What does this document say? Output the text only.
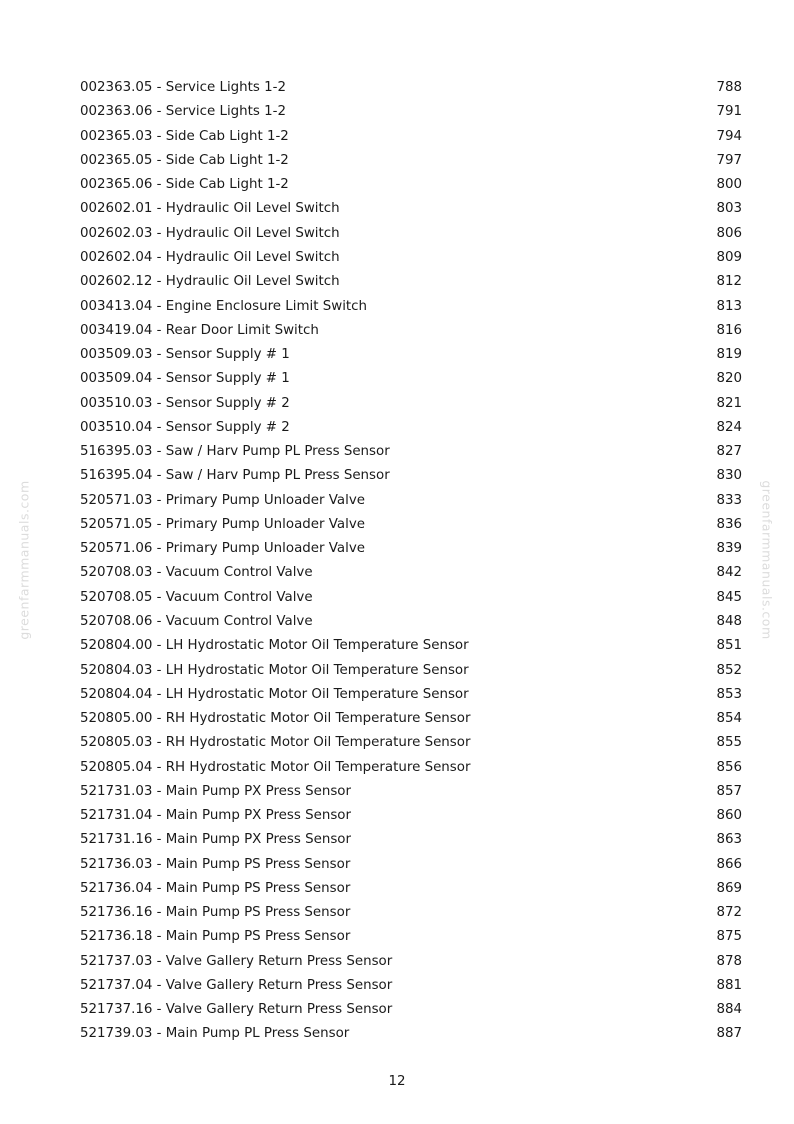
002363.05 - Service Lights 1-2	788
002363.06 - Service Lights 1-2	791
002365.03 - Side Cab Light 1-2	794
002365.05 - Side Cab Light 1-2	797
002365.06 - Side Cab Light 1-2	800
002602.01 - Hydraulic Oil Level Switch	803
002602.03 - Hydraulic Oil Level Switch	806
002602.04 - Hydraulic Oil Level Switch	809
002602.12 - Hydraulic Oil Level Switch	812
003413.04 - Engine Enclosure Limit Switch	813
003419.04 - Rear Door Limit Switch	816
003509.03 - Sensor Supply # 1	819
003509.04 - Sensor Supply # 1	820
003510.03 - Sensor Supply # 2	821
003510.04 - Sensor Supply # 2	824
516395.03 - Saw / Harv Pump PL Press Sensor	827
516395.04 - Saw / Harv Pump PL Press Sensor	830
520571.03 - Primary Pump Unloader Valve	833
520571.05 - Primary Pump Unloader Valve	836
520571.06 - Primary Pump Unloader Valve	839
520708.03 - Vacuum Control Valve	842
520708.05 - Vacuum Control Valve	845
520708.06 - Vacuum Control Valve	848
520804.00 - LH Hydrostatic Motor Oil Temperature Sensor	851
520804.03 - LH Hydrostatic Motor Oil Temperature Sensor	852
520804.04 - LH Hydrostatic Motor Oil Temperature Sensor	853
520805.00 - RH Hydrostatic Motor Oil Temperature Sensor	854
520805.03 - RH Hydrostatic Motor Oil Temperature Sensor	855
520805.04 - RH Hydrostatic Motor Oil Temperature Sensor	856
521731.03 - Main Pump PX Press Sensor	857
521731.04 - Main Pump PX Press Sensor	860
521731.16 - Main Pump PX Press Sensor	863
521736.03 - Main Pump PS Press Sensor	866
521736.04 - Main Pump PS Press Sensor	869
521736.16 - Main Pump PS Press Sensor	872
521736.18 - Main Pump PS Press Sensor	875
521737.03 - Valve Gallery Return Press Sensor	878
521737.04 - Valve Gallery Return Press Sensor	881
521737.16 - Valve Gallery Return Press Sensor	884
521739.03 - Main Pump PL Press Sensor	887
12
greenfarmmanuals.com	greenfarmmanuals.com
